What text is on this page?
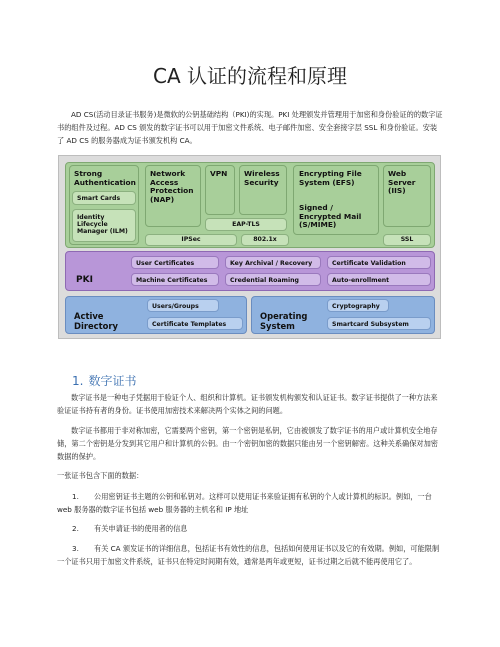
CA 认证的流程和原理
AD CS(活动目录证书服务)是微软的公钥基础结构（PKI)的实现。PKI 处理颁发并管理用于加密和身份验证的的数字证书的组件及过程。AD CS 颁发的数字证书可以用于加密文件系统、电子邮件加密、安全套接字层 SSL 和身份验证。安装了 AD CS 的服务器成为证书颁发机构 CA。
Strong Authentication
Smart Cards
Identity Lifecycle Manager (ILM)
Network Access Protection (NAP)
VPN Wireless Security
Encrypting File System (EFS)
Signed / Encrypted Mail (S/MIME)
Web Server (IIS)
EAP-TLS
IPSec	802.1x	SSL
PKI
User Certificates
Machine Certificates
Key Archival / Recovery
Credential Roaming
Certificate Validation
Auto-enrollment
Active Directory
Users/Groups
Certificate Templates
Operating System
Cryptography
Smartcard Subsystem
1. 数字证书
数字证书是一种电子凭据用于验证个人、组织和计算机。证书颁发机构颁发和认证证书。数字证书提供了一种方法来验证证书持有者的身份。证书使用加密技术来解决两个实体之间的问题。
数字证书都用于非对称加密，它需要两个密钥，第一个密钥是私钥，它由被颁发了数字证书的用户或计算机安全地存储，第二个密钥是分发到其它用户和计算机的公钥。由一个密钥加密的数据只能由另一个密钥解密。这种关系确保对加密数据的保护。
一张证书包含下面的数据：
1. 公用密钥证书主题的公钥和私钥对。这样可以使用证书来验证拥有私钥的个人或计算机的标识。例如，一台 web 服务器的数字证书包括 web 服务器的主机名和 IP 地址
2. 有关申请证书的使用者的信息
3. 有关 CA 颁发证书的详细信息，包括证书有效性的信息，包括如何使用证书以及它的有效期。例如，可能限制一个证书只用于加密文件系统，证书只在特定时间期有效，通常是两年或更短，证书过期之后就不能再使用它了。
